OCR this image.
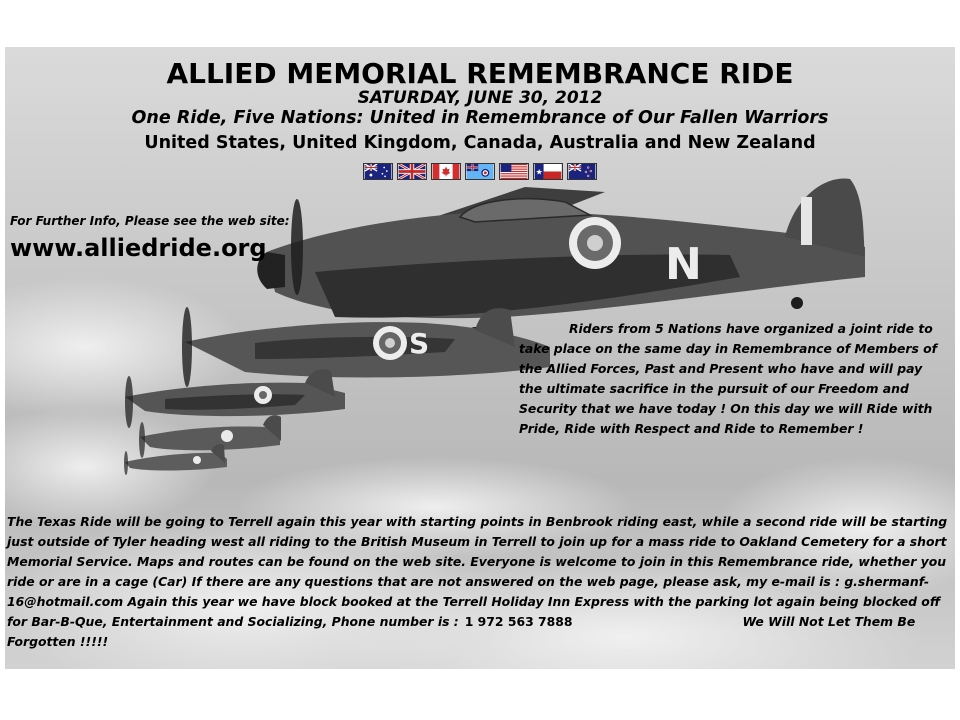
N
S

ALLIED MEMORIAL REMEMBRANCE RIDE

SATURDAY, JUNE 30, 2012

One Ride, Five Nations: United in Remembrance of Our Fallen Warriors

United States, United Kingdom, Canada, Australia and New Zealand

For Further Info, Please see the web site:

www.alliedride.org

Riders from 5 Nations have organized a joint ride to take place on the same day in Remembrance of Members of the Allied Forces, Past and Present who have and will pay the ultimate sacrifice in the pursuit of our Freedom and Security that we have today ! On this day we will Ride with Pride, Ride with Respect and Ride to Remember !

The Texas Ride will be going to Terrell again this year with starting points in Benbrook riding east, while a second ride will be starting just outside of Tyler heading west all riding to the British Museum in Terrell to join up for a mass ride to Oakland Cemetery for a short Memorial Service. Maps and routes can be found on the web site. Everyone is welcome to join in this Remembrance ride, whether you ride or are in a cage (Car) If there are any questions that are not answered on the web page, please ask, my e-mail is : g.shermanf-16@hotmail.com Again this year we have block booked at the Terrell Holiday Inn Express with the parking lot again being blocked off for Bar-B-Que, Entertainment and Socializing, Phone number is : 1 972 563 7888	We Will Not Let Them Be Forgotten !!!!!
